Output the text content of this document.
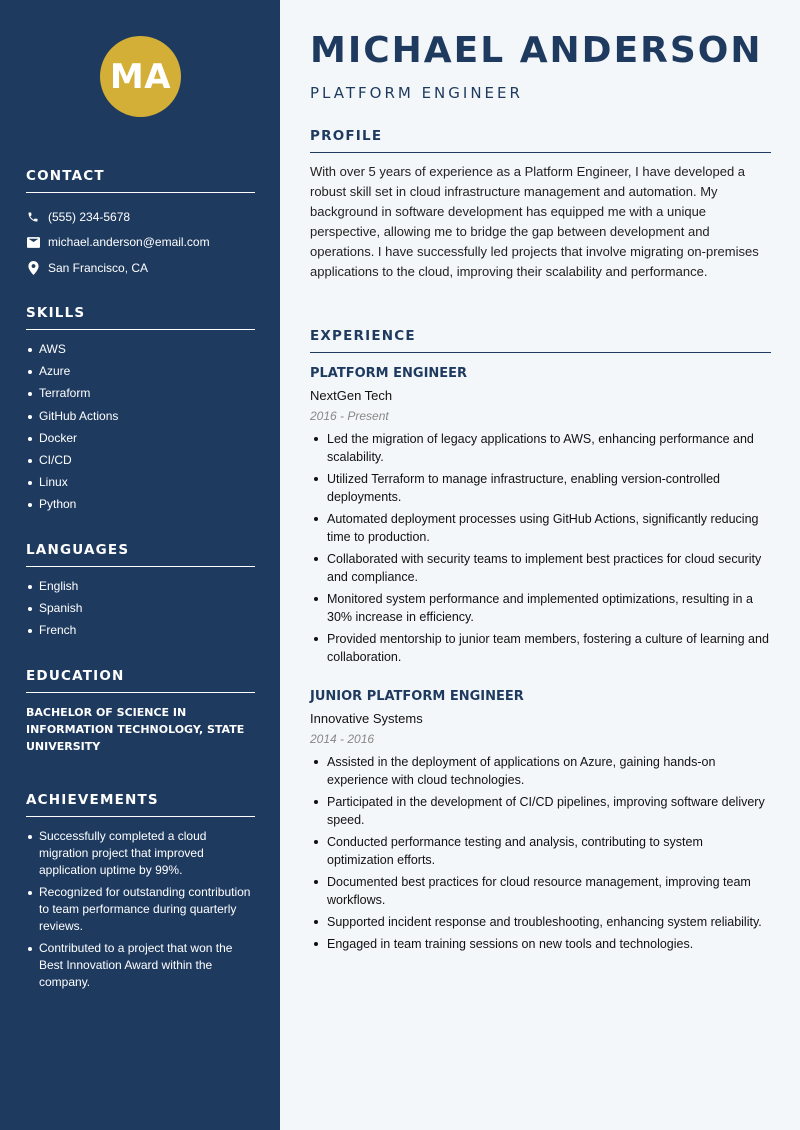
MA
CONTACT
(555) 234-5678
michael.anderson@email.com
San Francisco, CA
SKILLS
AWS
Azure
Terraform
GitHub Actions
Docker
CI/CD
Linux
Python
LANGUAGES
English
Spanish
French
EDUCATION
BACHELOR OF SCIENCE IN INFORMATION TECHNOLOGY, STATE UNIVERSITY
ACHIEVEMENTS
Successfully completed a cloud migration project that improved application uptime by 99%.
Recognized for outstanding contribution to team performance during quarterly reviews.
Contributed to a project that won the Best Innovation Award within the company.
MICHAEL ANDERSON
PLATFORM ENGINEER
PROFILE
With over 5 years of experience as a Platform Engineer, I have developed a robust skill set in cloud infrastructure management and automation. My background in software development has equipped me with a unique perspective, allowing me to bridge the gap between development and operations. I have successfully led projects that involve migrating on-premises applications to the cloud, improving their scalability and performance.
EXPERIENCE
PLATFORM ENGINEER
NextGen Tech
2016 - Present
Led the migration of legacy applications to AWS, enhancing performance and scalability.
Utilized Terraform to manage infrastructure, enabling version-controlled deployments.
Automated deployment processes using GitHub Actions, significantly reducing time to production.
Collaborated with security teams to implement best practices for cloud security and compliance.
Monitored system performance and implemented optimizations, resulting in a 30% increase in efficiency.
Provided mentorship to junior team members, fostering a culture of learning and collaboration.
JUNIOR PLATFORM ENGINEER
Innovative Systems
2014 - 2016
Assisted in the deployment of applications on Azure, gaining hands-on experience with cloud technologies.
Participated in the development of CI/CD pipelines, improving software delivery speed.
Conducted performance testing and analysis, contributing to system optimization efforts.
Documented best practices for cloud resource management, improving team workflows.
Supported incident response and troubleshooting, enhancing system reliability.
Engaged in team training sessions on new tools and technologies.
